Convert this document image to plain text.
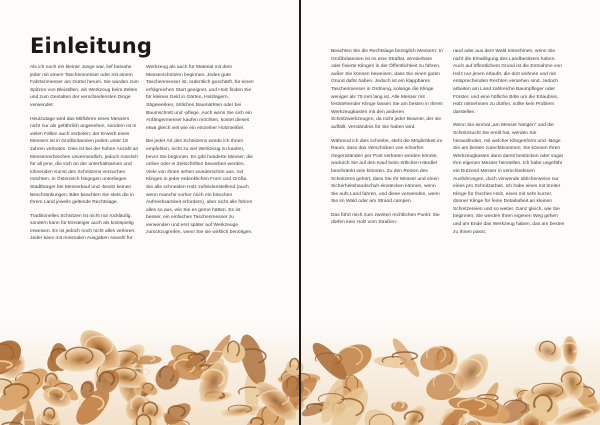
Einleitung

Als ich noch ein kleiner Junge war, lief beinahe jeder mit einem Taschenmesser oder mit einem Fahrtenmesser am Gürtel herum. Sie wurden zum Spitzen von Bleistiften, als Werkzeug beim Zelten und zum Gestalten der verschiedensten Dinge verwendet.

Heutzutage wird das Mitführen eines Messers nicht nur als gefährlich angesehen, sondern ist in vielen Fällen auch verboten; der Erwerb eines Messers ist in Großbritannien jedem unter 18 Jahren verboten. Dies ist bei der hohen Anzahl an Messerverbrechen unvermeidlich, jedoch misslich für all jene, die sich an der unterhaltsamen und lohnenden Kunst des Schnitzens versuchen möchten. In Österreich hingegen unterliegen Stadtbürger bei Messerkauf und -besitz keinen Beschränkungen. Bitte beachten Sie stets die in Ihrem Land jeweils geltende Rechtslage.

Traditionelles Schnitzen ist nicht nur rückläufig, sondern kann für Einsteiger auch als kostspielig erweisen. Es ist jedoch noch nicht alles verloren: Jeder kann mit minimalen Ausgaben sowohl für

Werkzeug als auch für Material mit dem Messerschnitzen beginnen. Jedes gute Taschenmesser ist, ordentlich geschärft, für einen erfolgreichen Start geeignet, und Holz finden Sie für kleines Geld in Gärten, Holzlagern, Sägewerken, örtlichen Baumärkten oder bei Baumschnitt und -pflege. Auch wenn Sie sich ein Anfängermesser kaufen möchten, kostet dieses etwa gleich viel wie ein einzelner Holzmeißel.

Bei jeder Art des Schnitzens würde ich Ihnen empfehlen, nicht zu viel Werkzeug zu kaufen, bevor Sie beginnen. Es gibt hunderte Messer, die online oder in Zeitschriften beworben werden. Viele von ihnen sehen wunderschön aus, mit Klingen in jeder erdenklichen Form und Größe. Sie alle schneiden Holz zufriedenstellend (auch wenn manche vorher noch ein bisschen Aufmerksamkeit erfordern), aber nicht alle führen alles so aus, wie Sie es gerne hätten. Es ist besser, ein einfaches Taschenmesser zu verwenden und erst später auf Werkzeuge zurückzugreifen, wenn Sie sie wirklich benötigen.

Beachten Sie die Rechtslage bezüglich Messern: In Großbritannien ist es eine Straftat, arretierbare oder fixierte Klingen in der Öffentlichkeit zu führen, außer Sie können beweisen, dass Sie einen guten Grund dafür haben. Jedoch ist ein klappbares Taschenmesser in Ordnung, solange die Klinge weniger als 75 mm lang ist. Alle Messer mit feststehender Klinge lassen Sie am besten in Ihrem Werkzeugkasten mit den anderen Schnitzwerkzeugen, da nicht jeder Beamte, der sie auffällt, Verständnis für Sie haben wird.

Während ich dies schreibe, steht die Möglichkeit im Raum, dass das Verschicken von scharfen Gegenständen per Post verboten werden könnte, wodurch Sie auf den Kauf beim örtlichen Händler beschränkt sein könnten. Zu den Reizen des Schnitzens gehört, dass Sie Ihr Messer und einen Sicherheitshandschuh einstecken können, wenn Sie aufs Land fahren, und diese verwenden, wenn Sie im Wald oder am Strand campen.

Das führt mich zum zweiten rechtlichen Punkt: Sie dürfen kein Holz vom Straßen-

rand oder aus dem Wald entnehmen, wenn Sie nicht die Einwilligung des Landbesitzers haben. Auch auf öffentlichem Grund ist die Entnahme von Holz nur jenen erlaubt, die dort wohnen und mit entsprechenden Rechten versehen sind. Jedoch arbeiten am Land zahlreiche Baumpfleger oder Förster, und eine höfliche Bitte um die Erlaubnis, Holz mitnehmen zu dürfen, sollte kein Problem darstellen.

Wenn Sie einmal „am Messer hängen“ und die Schnitzsucht Sie ereilt hat, werden Sie herausfinden, mit welcher Klingenform und -länge Sie am besten zurechtkommen; Sie können Ihren Werkzeugkasten dann damit bestücken oder sogar Ihre eigenen Messer herstellen. Ich habe ungefähr ein Dutzend Messer in verschiedenen Ausführungen, doch verwende üblicherweise nur eines pro Schnitzarbeit. Ich habe eines mit breiter Klinge für frisches Holz, eines mit sehr kurzer, dünner Klinge für feine Detailarbeit an kleinen Schnitzereien und so weiter. Ganz gleich, wie Sie beginnen, Sie werden Ihren eigenen Weg gehen und am Ende das Werkzeug haben, das am besten zu Ihnen passt.
